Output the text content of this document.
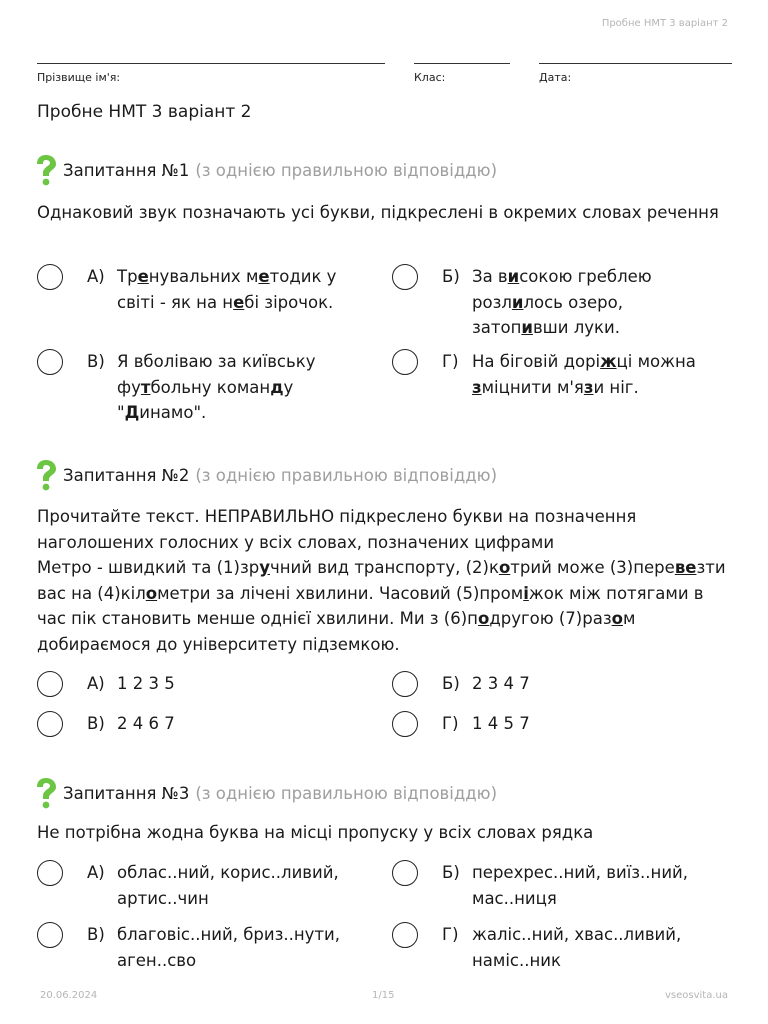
Пробне НМТ 3 варіант 2
Прізвище ім'я:	Клас:	Дата:
Пробне НМТ 3 варіант 2
Запитання №1 (з однією правильною відповіддю)
Однаковий звук позначають усі букви, підкреслені в окремих словах речення
А) Тренувальних методик у світі - як на небі зірочок.
Б) За високою греблею розлилось озеро, затопивши луки.
В) Я вболіваю за київську футбольну команду "Динамо".
Г) На біговій доріжці можна зміцнити м'язи ніг.
Запитання №2 (з однією правильною відповіддю)
Прочитайте текст. НЕПРАВИЛЬНО підкреслено букви на позначення наголошених голосних у всіх словах, позначених цифрами
Метро - швидкий та (1)зручний вид транспорту, (2)котрий може (3)перевезти вас на (4)кілометри за лічені хвилини. Часовий (5)проміжок між потягами в час пік становить менше однієї хвилини. Ми з (6)подругою (7)разом добираємося до університету підземкою.
А) 1 2 3 5	Б) 2 3 4 7
В) 2 4 6 7	Г) 1 4 5 7
Запитання №3 (з однією правильною відповіддю)
Не потрібна жодна буква на місці пропуску у всіх словах рядка
А) облас..ний, корис..ливий, артис..чин
Б) перехрес..ний, виїз..ний, мас..ниця
В) благовіс..ний, бриз..нути, аген..сво
Г) жаліс..ний, хвас..ливий, наміс..ник
20.06.2024	1/15	vseosvita.ua
